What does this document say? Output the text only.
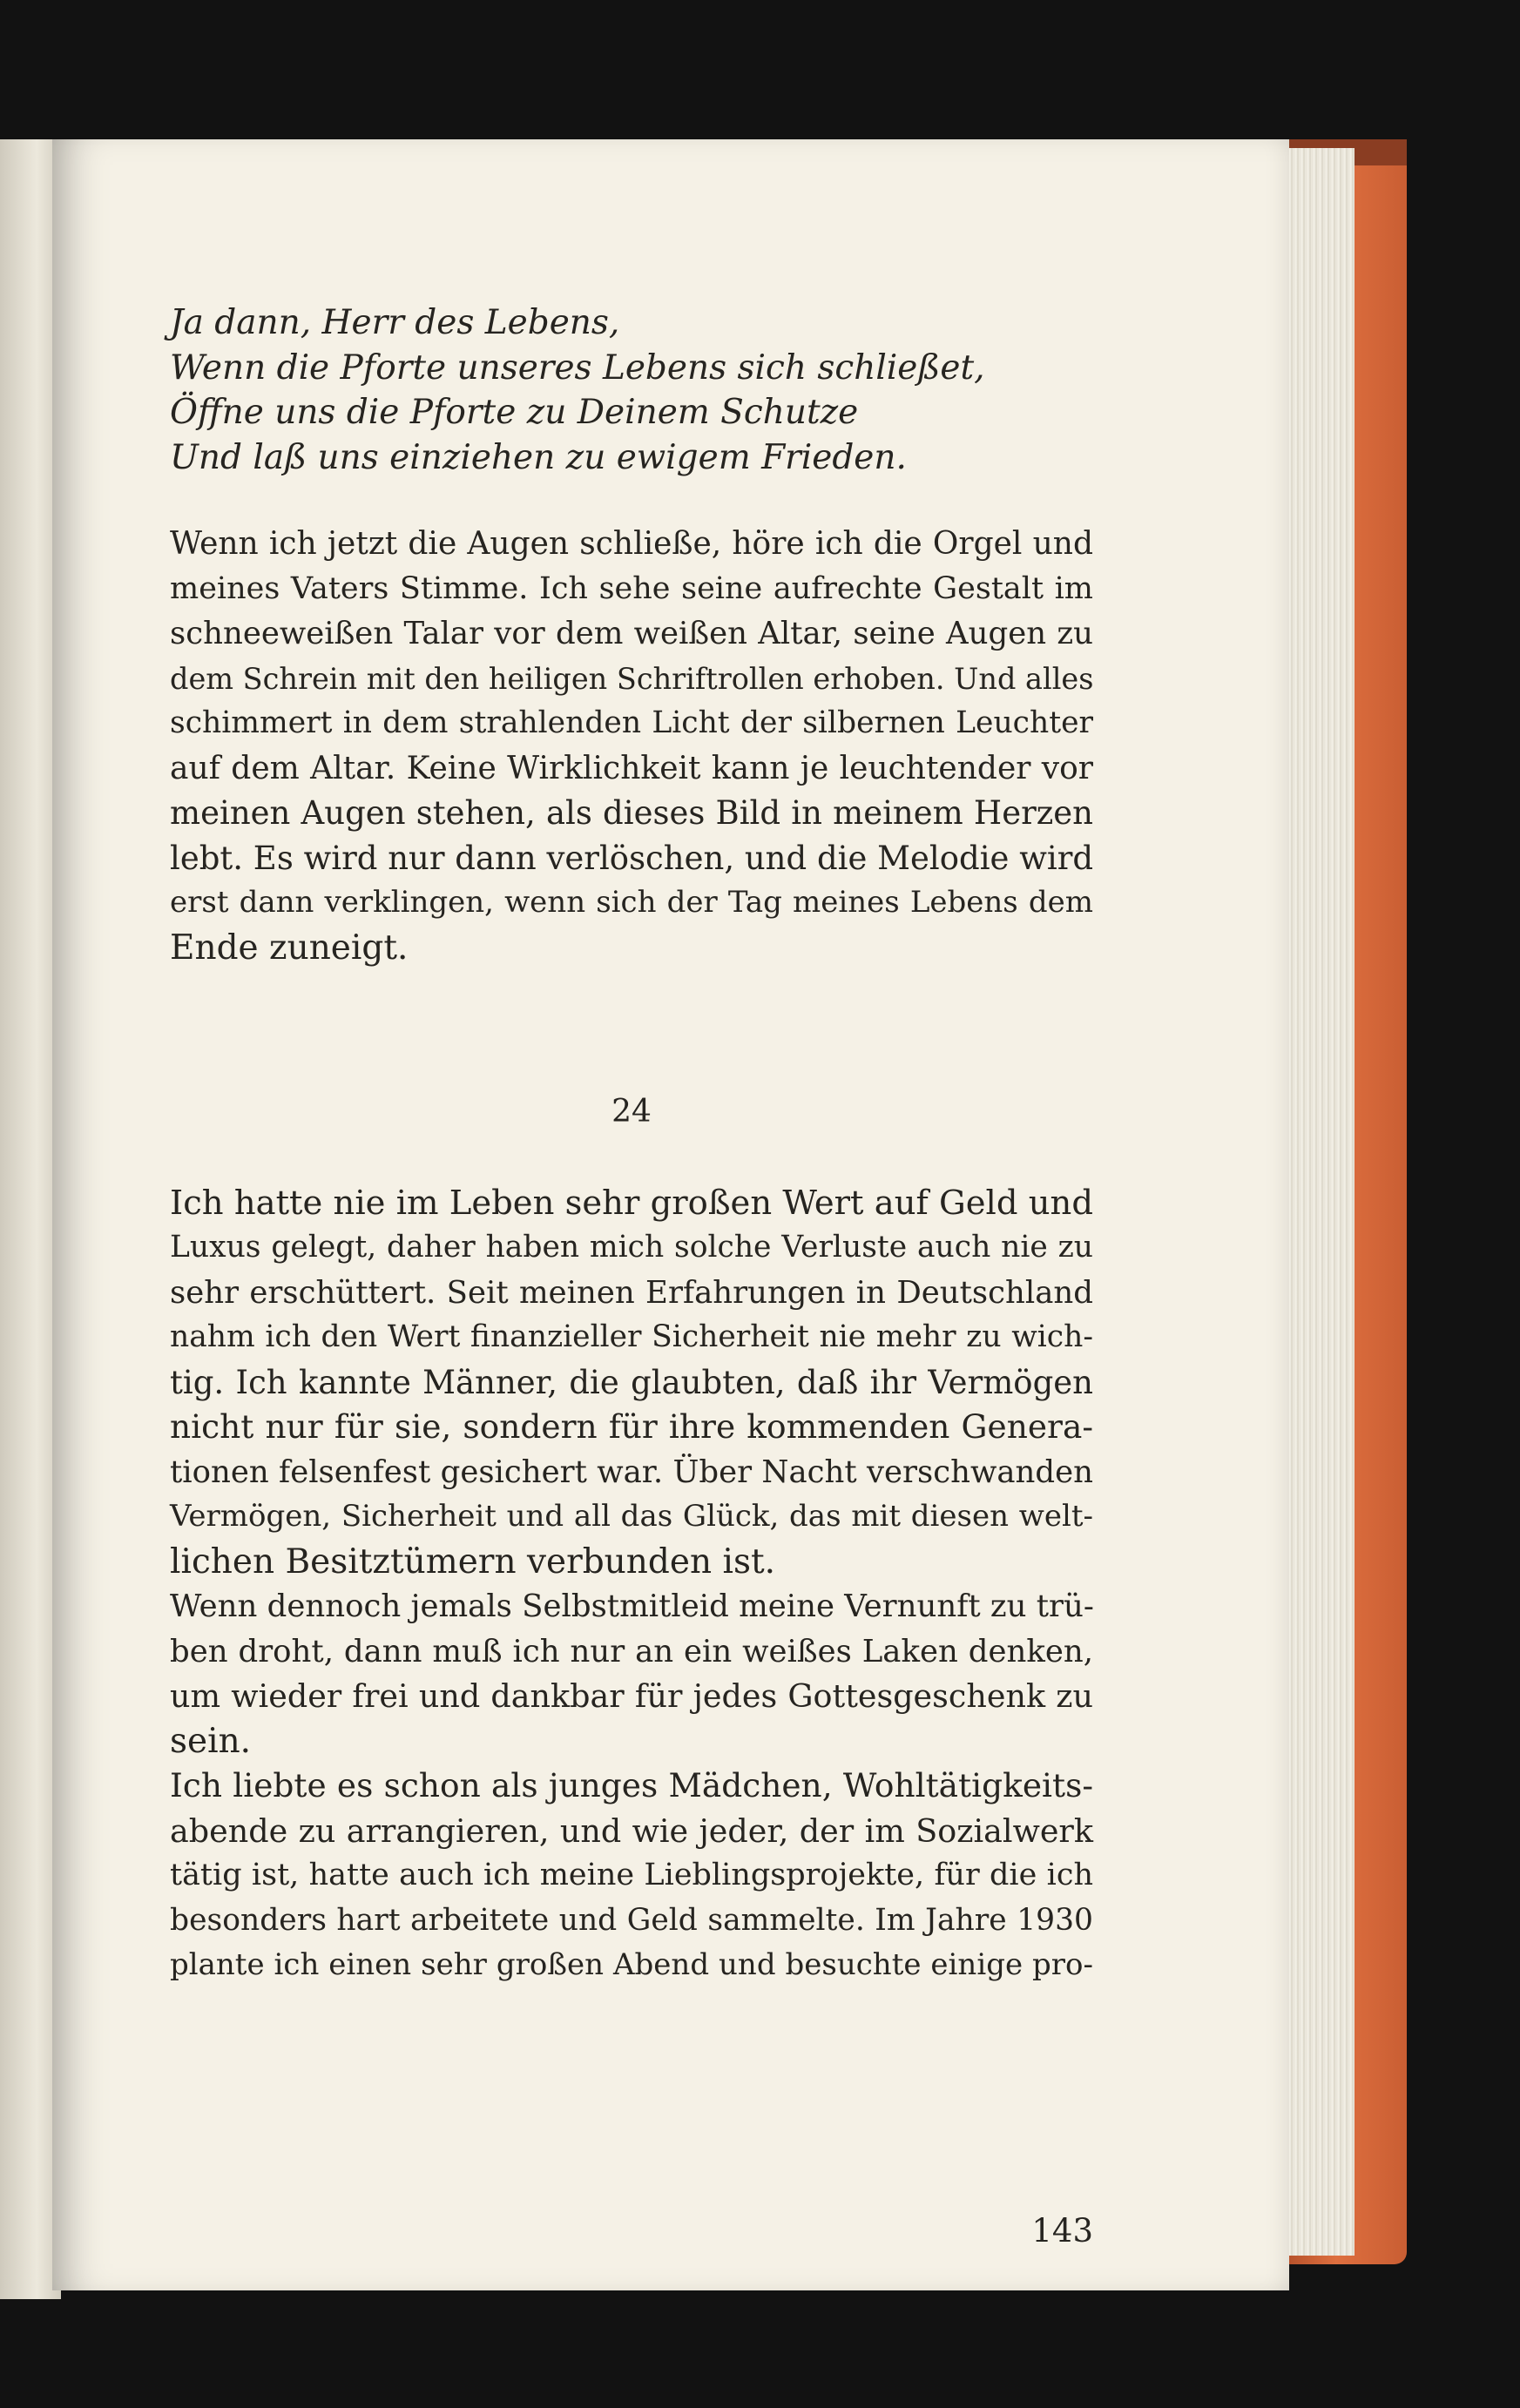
Ja dann, Herr des Lebens,
Wenn die Pforte unseres Lebens sich schließet,
Öffne uns die Pforte zu Deinem Schutze
Und laß uns einziehen zu ewigem Frieden.
Wenn ich jetzt die Augen schließe, höre ich die Orgel und
meines Vaters Stimme. Ich sehe seine aufrechte Gestalt im
schneeweißen Talar vor dem weißen Altar, seine Augen zu
dem Schrein mit den heiligen Schriftrollen erhoben. Und alles
schimmert in dem strahlenden Licht der silbernen Leuchter
auf dem Altar. Keine Wirklichkeit kann je leuchtender vor
meinen Augen stehen, als dieses Bild in meinem Herzen
lebt. Es wird nur dann verlöschen, und die Melodie wird
erst dann verklingen, wenn sich der Tag meines Lebens dem
Ende zuneigt.
24
Ich hatte nie im Leben sehr großen Wert auf Geld und
Luxus gelegt, daher haben mich solche Verluste auch nie zu
sehr erschüttert. Seit meinen Erfahrungen in Deutschland
nahm ich den Wert finanzieller Sicherheit nie mehr zu wich-
tig. Ich kannte Männer, die glaubten, daß ihr Vermögen
nicht nur für sie, sondern für ihre kommenden Genera-
tionen felsenfest gesichert war. Über Nacht verschwanden
Vermögen, Sicherheit und all das Glück, das mit diesen welt-
lichen Besitztümern verbunden ist.
Wenn dennoch jemals Selbstmitleid meine Vernunft zu trü-
ben droht, dann muß ich nur an ein weißes Laken denken,
um wieder frei und dankbar für jedes Gottesgeschenk zu
sein.
Ich liebte es schon als junges Mädchen, Wohltätigkeits-
abende zu arrangieren, und wie jeder, der im Sozialwerk
tätig ist, hatte auch ich meine Lieblingsprojekte, für die ich
besonders hart arbeitete und Geld sammelte. Im Jahre 1930
plante ich einen sehr großen Abend und besuchte einige pro-
143
